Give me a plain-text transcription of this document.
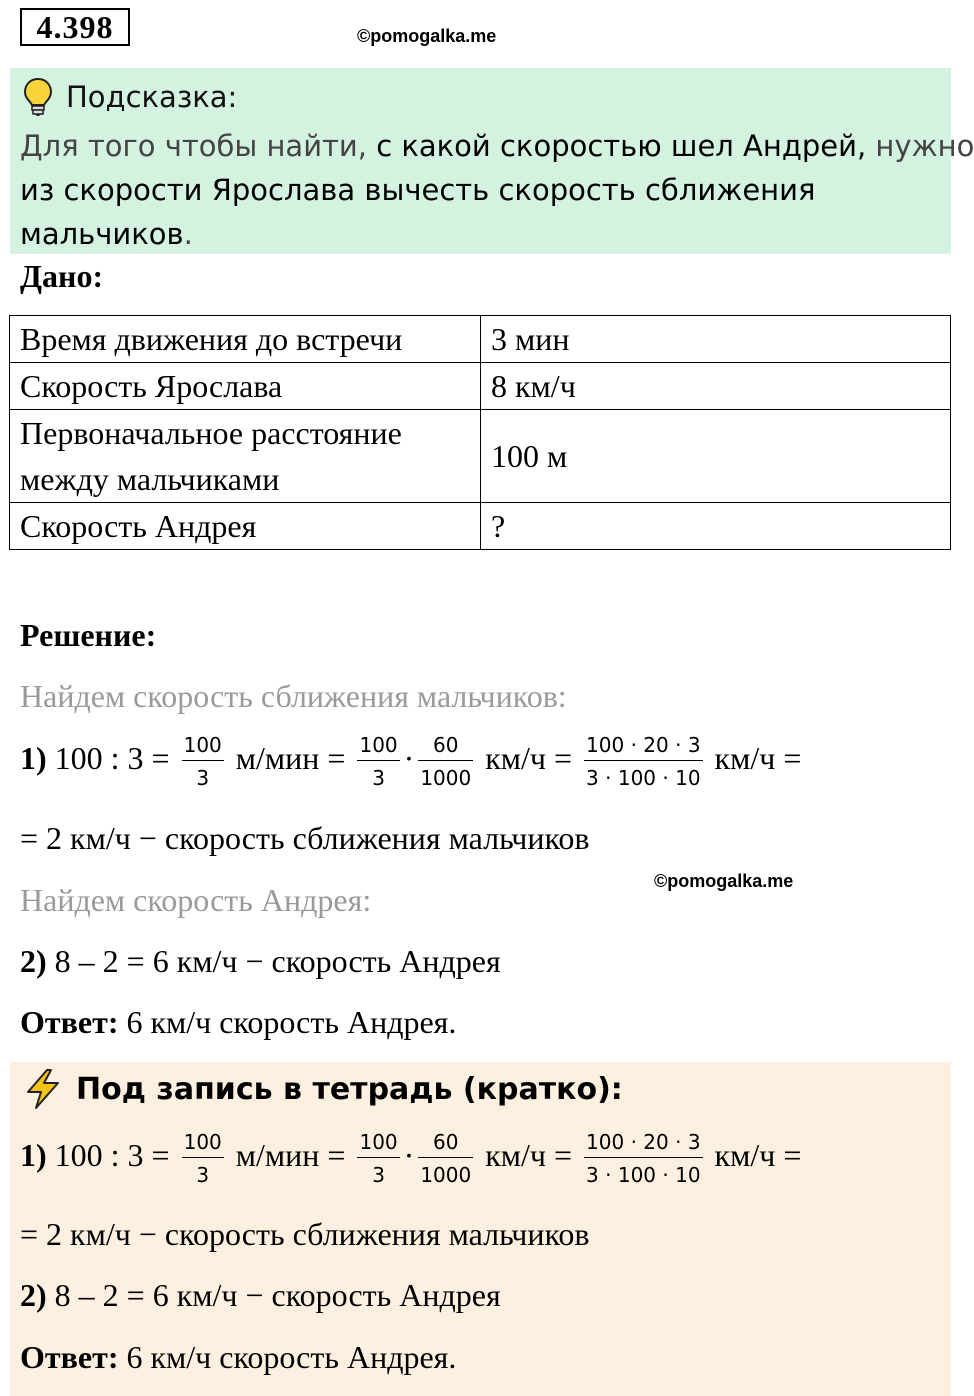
4.398	©pomogalka.me
Подсказка:
Для того чтобы найти, с какой скоростью шел Андрей, нужно
из скорости Ярослава вычесть скорость сближения
мальчиков.
Дано:
Время движения до встречи	3 мин
Скорость Ярослава	8 км/ч
Первоначальное расстояние между мальчиками	100 м
Скорость Андрея	?
Решение:
Найдем скорость сближения мальчиков:
1) 100 : $3 = \frac{100}{3} м/мин = \frac{100}{3} \cdot \frac{60}{1000} км/ч = \frac{100 \cdot 20 \cdot 3}{3 \cdot 100 \cdot 10} км/ч$ =
= 2 км/ч − скорость сближения мальчиков
©pomogalka.me
Найдем скорость Андрея:
2) 8 – 2 = 6 км/ч − скорость Андрея
Ответ: 6 км/ч скорость Андрея.
Под запись в тетрадь (кратко):
1) 100 : $3 = \frac{100}{3} м/мин = \frac{100}{3} \cdot \frac{60}{1000} км/ч = \frac{100 \cdot 20 \cdot 3}{3 \cdot 100 \cdot 10} км/ч$ =
= 2 км/ч − скорость сближения мальчиков
2) 8 – 2 = 6 км/ч − скорость Андрея
Ответ: 6 км/ч скорость Андрея.
